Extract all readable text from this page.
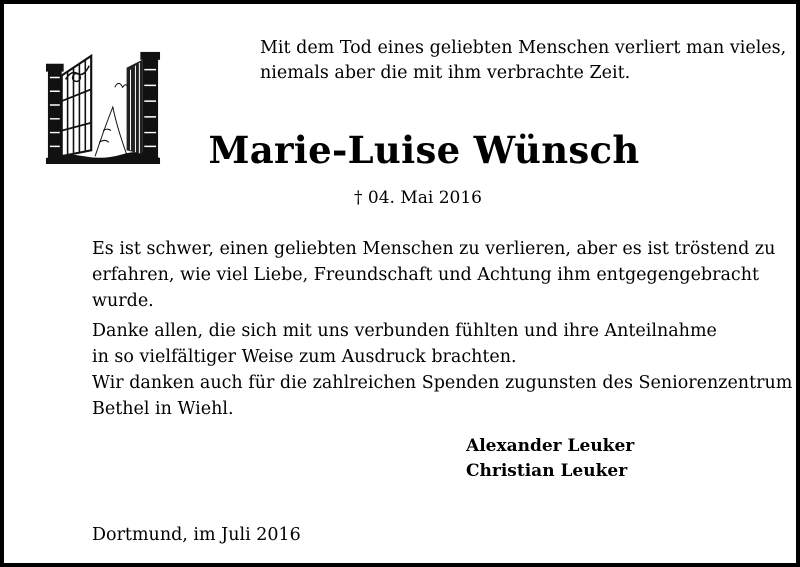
Mit dem Tod eines geliebten Menschen verliert man vieles,
niemals aber die mit ihm verbrachte Zeit.
Marie-Luise Wünsch
† 04. Mai 2016
Es ist schwer, einen geliebten Menschen zu verlieren, aber es ist tröstend zu
erfahren, wie viel Liebe, Freundschaft und Achtung ihm entgegengebracht
wurde.
Danke allen, die sich mit uns verbunden fühlten und ihre Anteilnahme
in so vielfältiger Weise zum Ausdruck brachten.
Wir danken auch für die zahlreichen Spenden zugunsten des Seniorenzentrum
Bethel in Wiehl.
Alexander Leuker
Christian Leuker
Dortmund, im Juli 2016
